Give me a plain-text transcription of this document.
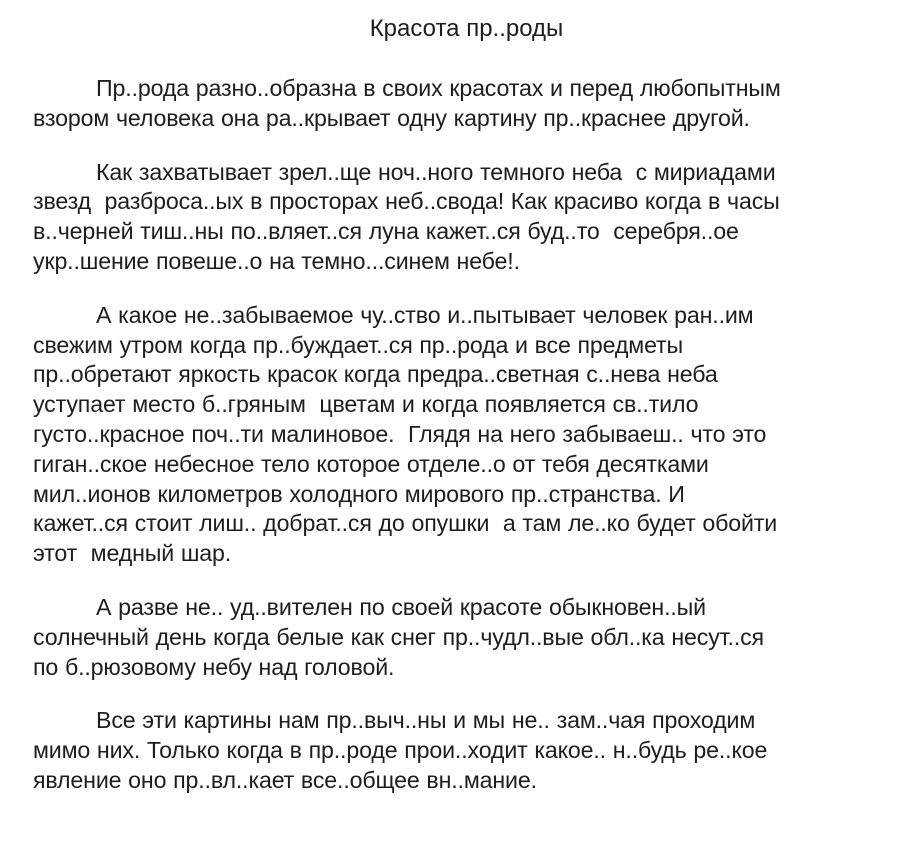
Красота пр..роды
Пр..рода разно..образна в своих красотах и перед любопытным
взором человека она ра..крывает одну картину пр..краснее другой.
Как захватывает зрел..ще ноч..ного темного неба  с мириадами
звезд  разброса..ых в просторах неб..свода! Как красиво когда в часы
в..черней тиш..ны по..вляет..ся луна кажет..ся буд..то  серебря..ое
укр..шение повеше..о на темно...синем небе!.
А какое не..забываемое чу..ство и..пытывает человек ран..им
свежим утром когда пр..буждает..ся пр..рода и все предметы
пр..обретают яркость красок когда предра..светная с..нева неба
уступает место б..гряным  цветам и когда появляется св..тило
густо..красное поч..ти малиновое.  Глядя на него забываеш.. что это
гиган..ское небесное тело которое отделе..о от тебя десятками
мил..ионов километров холодного мирового пр..странства. И
кажет..ся стоит лиш.. добрат..ся до опушки  а там ле..ко будет обойти
этот  медный шар.
А разве не.. уд..вителен по своей красоте обыкновен..ый
солнечный день когда белые как снег пр..чудл..вые обл..ка несут..ся
по б..рюзовому небу над головой.
Все эти картины нам пр..выч..ны и мы не.. зам..чая проходим
мимо них. Только когда в пр..роде прои..ходит какое.. н..будь ре..кое
явление оно пр..вл..кает все..общее вн..мание.
